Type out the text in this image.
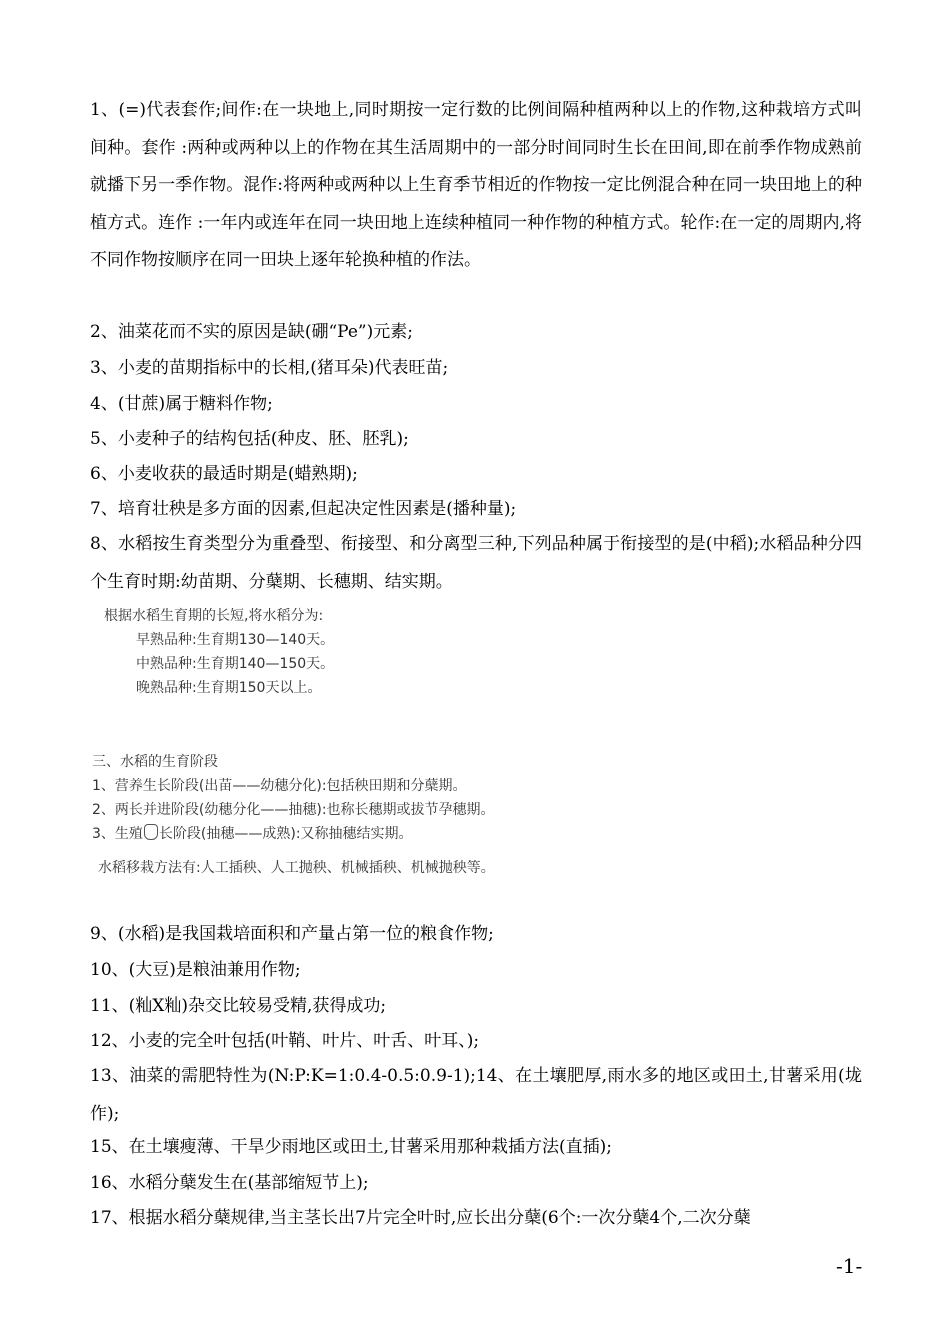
1、(=)代表套作;间作:在一块地上,同时期按一定行数的比例间隔种植两种以上的作物,这种栽培方式叫间种。套作 :两种或两种以上的作物在其生活周期中的一部分时间同时生长在田间,即在前季作物成熟前就播下另一季作物。混作:将两种或两种以上生育季节相近的作物按一定比例混合种在同一块田地上的种植方式。连作 :一年内或连年在同一块田地上连续种植同一种作物的种植方式。轮作:在一定的周期内,将不同作物按顺序在同一田块上逐年轮换种植的作法。
2、油菜花而不实的原因是缺(硼“Pe”)元素;
3、小麦的苗期指标中的长相,(猪耳朵)代表旺苗;
4、(甘蔗)属于糖料作物;
5、小麦种子的结构包括(种皮、胚、胚乳);
6、小麦收获的最适时期是(蜡熟期);
7、培育壮秧是多方面的因素,但起决定性因素是(播种量);
8、水稻按生育类型分为重叠型、衔接型、和分离型三种,下列品种属于衔接型的是(中稻);水稻品种分四个生育时期:幼苗期、分蘖期、长穗期、结实期。
根据水稻生育期的长短,将水稻分为:
早熟品种:生育期130—140天。
中熟品种:生育期140—150天。
晚熟品种:生育期150天以上。
三、水稻的生育阶段
1、营养生长阶段(出苗——幼穗分化):包括秧田期和分蘖期。
2、两长并进阶段(幼穗分化——抽穗):也称长穗期或拔节孕穗期。
3、生殖 长阶段(抽穗——成熟):又称抽穗结实期。
水稻移栽方法有:人工插秧、人工抛秧、机械插秧、机械抛秧等。
9、(水稻)是我国栽培面积和产量占第一位的粮食作物;
10、(大豆)是粮油兼用作物;
11、(籼Ⅹ籼)杂交比较易受精,获得成功;
12、小麦的完全叶包括(叶鞘、叶片、叶舌、叶耳、);
13、油菜的需肥特性为(N:P:K=1:0.4-0.5:0.9-1);14、在土壤肥厚,雨水多的地区或田土,甘薯采用(垅作);
15、在土壤瘦薄、干旱少雨地区或田土,甘薯采用那种栽插方法(直插);
16、水稻分蘖发生在(基部缩短节上);
17、根据水稻分蘖规律,当主茎长出7片完全叶时,应长出分蘖(6个:一次分蘖4个,二次分蘖
-1-
